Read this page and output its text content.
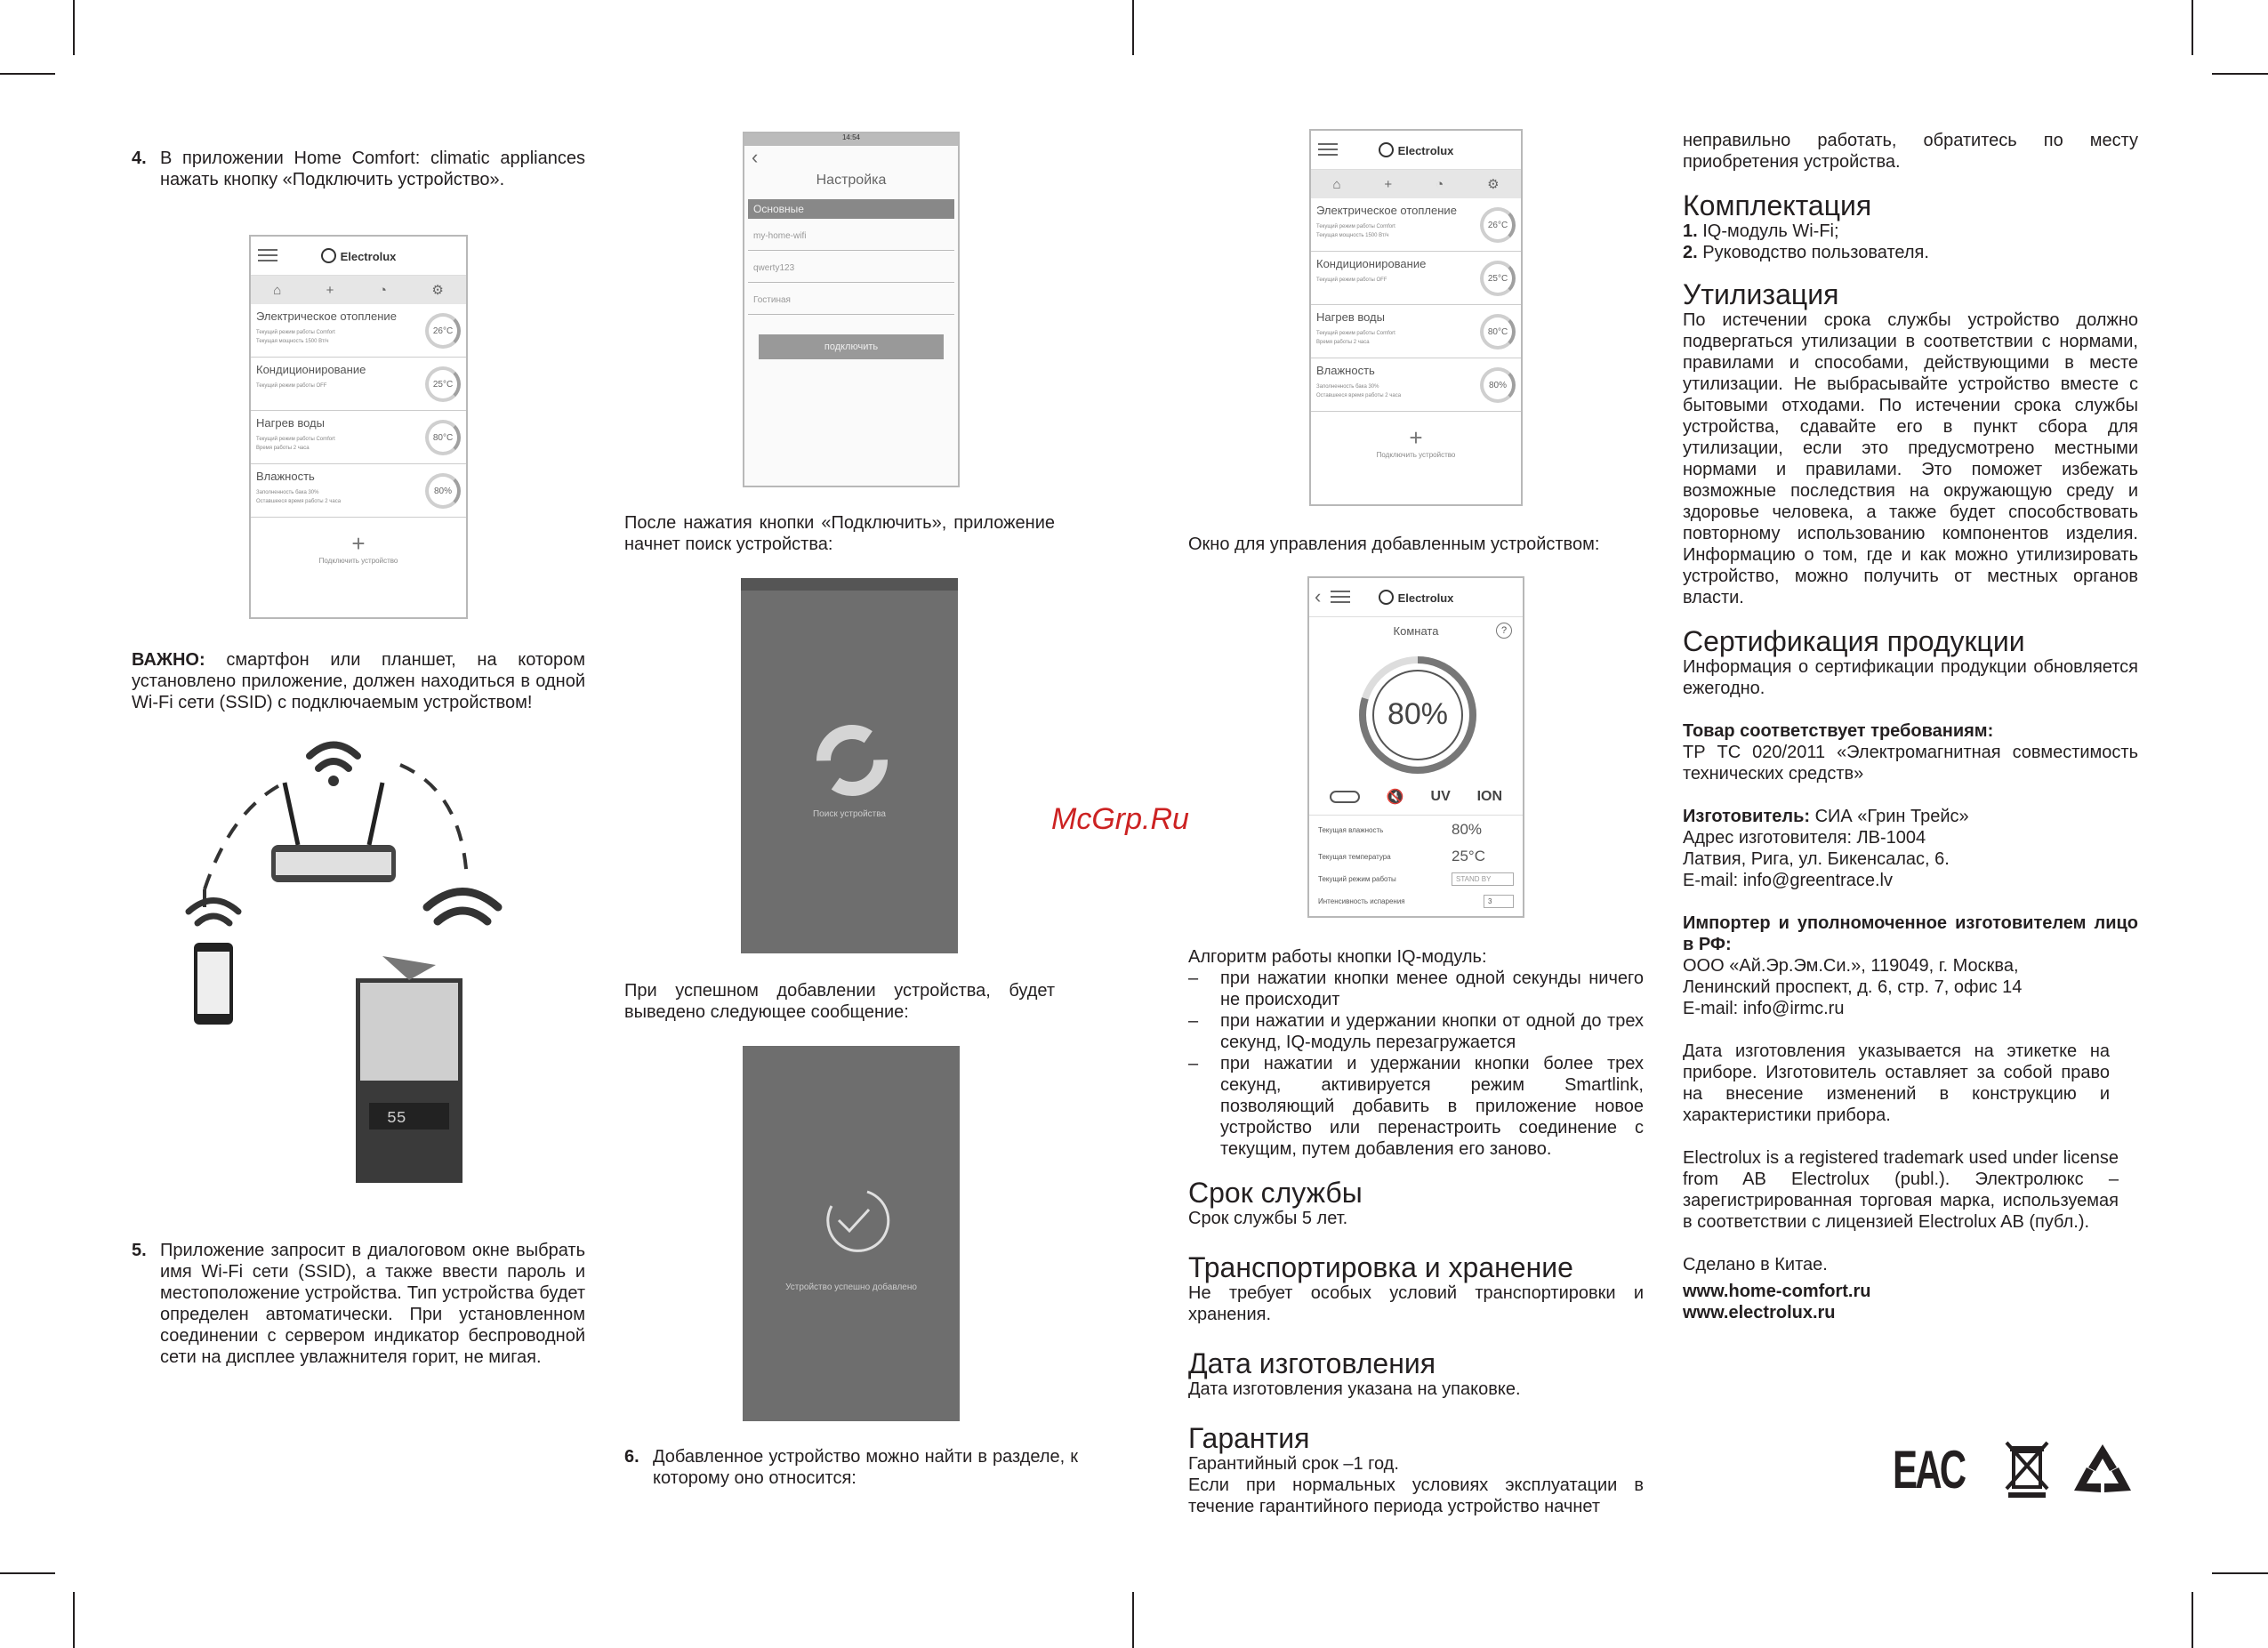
4. В приложении Home Comfort: climatic appliances нажать кнопку «Подключить устройство».
Electrolux
⌂	+	◔	⚙
Электрическое отопление
Текущий режим работы Comfort
Текущая мощность 1500 Вт/ч
26°C
Кондиционирование
Текущий режим работы OFF	25°C
Нагрев воды
Текущий режим работы Comfort
Время работы 2 часа
80°C
Влажность
Заполненность бака 30%
Оставшееся время работы 2 часа
80%
+
Подключить устройство
ВАЖНО: смартфон или планшет, на котором установлено приложение, должен находиться в одной Wi-Fi сети (SSID) с подключаемым устройством!
55
5. Приложение запросит в диалоговом окне выбрать имя Wi-Fi сети (SSID), а также ввести пароль и местоположение устройства. Тип устройства будет определен автоматически. При установленном соединении с сервером индикатор беспроводной сети на дисплее увлажнителя горит, не мигая.
14:54
‹
Настройка
Основные
my-home-wifi
qwerty123
Гостиная
подключить
После нажатия кнопки «Подключить», приложение начнет поиск устройства:
Поиск устройства
При успешном добавлении устройства, будет выведено следующее сообщение:
Устройство успешно добавлено
6. Добавленное устройство можно найти в разделе, к которому оно относится:
McGrp.Ru
Electrolux
⌂	+	◔	⚙
Электрическое отопление
Текущий режим работы Comfort
Текущая мощность 1500 Вт/ч
26°C
Кондиционирование
Текущий режим работы OFF	25°C
Нагрев воды
Текущий режим работы Comfort
Время работы 2 часа
80°C
Влажность
Заполненность бака 30%
Оставшееся время работы 2 часа
80%
+
Подключить устройство
Окно для управления добавленным устройством:
‹	Electrolux
Комната	?
80%
🔇 UV ION
Текущая влажность	80%
Текущая температура	25°C
Текущий режим работы	STAND BY
Интенсивность испарения	3

Алгоритм работы кнопки IQ-модуль:

–	при нажатии кнопки менее одной секунды ничего не происходит
–	при нажатии и удержании кнопки от одной до трех секунд, IQ-модуль перезагружается
–	при нажатии и удержании кнопки более трех секунд, активируется режим Smartlink, позволяющий добавить в приложение новое устройство или перенастроить соединение с текущим, путем добавления его заново.

Срок службы

Срок службы 5 лет.

Транспортировка и хранение

Не требует особых условий транспортировки и хранения.

Дата изготовления

Дата изготовления указана на упаковке.

Гарантия

Гарантийный срок –1 год.

Если при нормальных условиях эксплуатации в течение гарантийного периода устройство начнет

неправильно работать, обратитесь по месту приобретения устройства.

Комплектация

1. IQ-модуль Wi-Fi;

2. Руководство пользователя.

Утилизация

По истечении срока службы устройство должно подвергаться утилизации в соответствии с нормами, правилами и способами, действующими в месте утилизации. Не выбрасывайте устройство вместе с бытовыми отходами. По истечении срока службы устройства, сдавайте его в пункт сбора для утилизации, если это предусмотрено местными нормами и правилами. Это поможет избежать возможные последствия на окружающую среду и здоровье человека, а также будет способствовать повторному использованию компонентов изделия. Информацию о том, где и как можно утилизировать устройство, можно получить от местных органов власти.

Сертификация продукции

Информация о сертификации продукции обновляется ежегодно.

Товар соответствует требованиям:

ТР ТС 020/2011 «Электромагнитная совместимость технических средств»

Изготовитель: СИА «Грин Трейс»

Адрес изготовителя: ЛВ-1004

Латвия, Рига, ул. Бикенсалас, 6.

E-mail: info@greentrace.lv

Импортер и уполномоченное изготовителем лицо в РФ:

ООО «Ай.Эр.Эм.Си.», 119049, г. Москва,

Ленинский проспект, д. 6, стр. 7, офис 14

E-mail: info@irmc.ru

Дата изготовления указывается на этикетке на приборе. Изготовитель оставляет за собой право на внесение изменений в конструкцию и характеристики прибора.

Electrolux is a registered trademark used under license from AB Electrolux (publ.). Электролюкс – зарегистрированная торговая марка, используемая в соответствии с лицензией Electrolux AB (публ.).

Сделано в Китае.

www.home-comfort.ru

www.electrolux.ru

EAC
